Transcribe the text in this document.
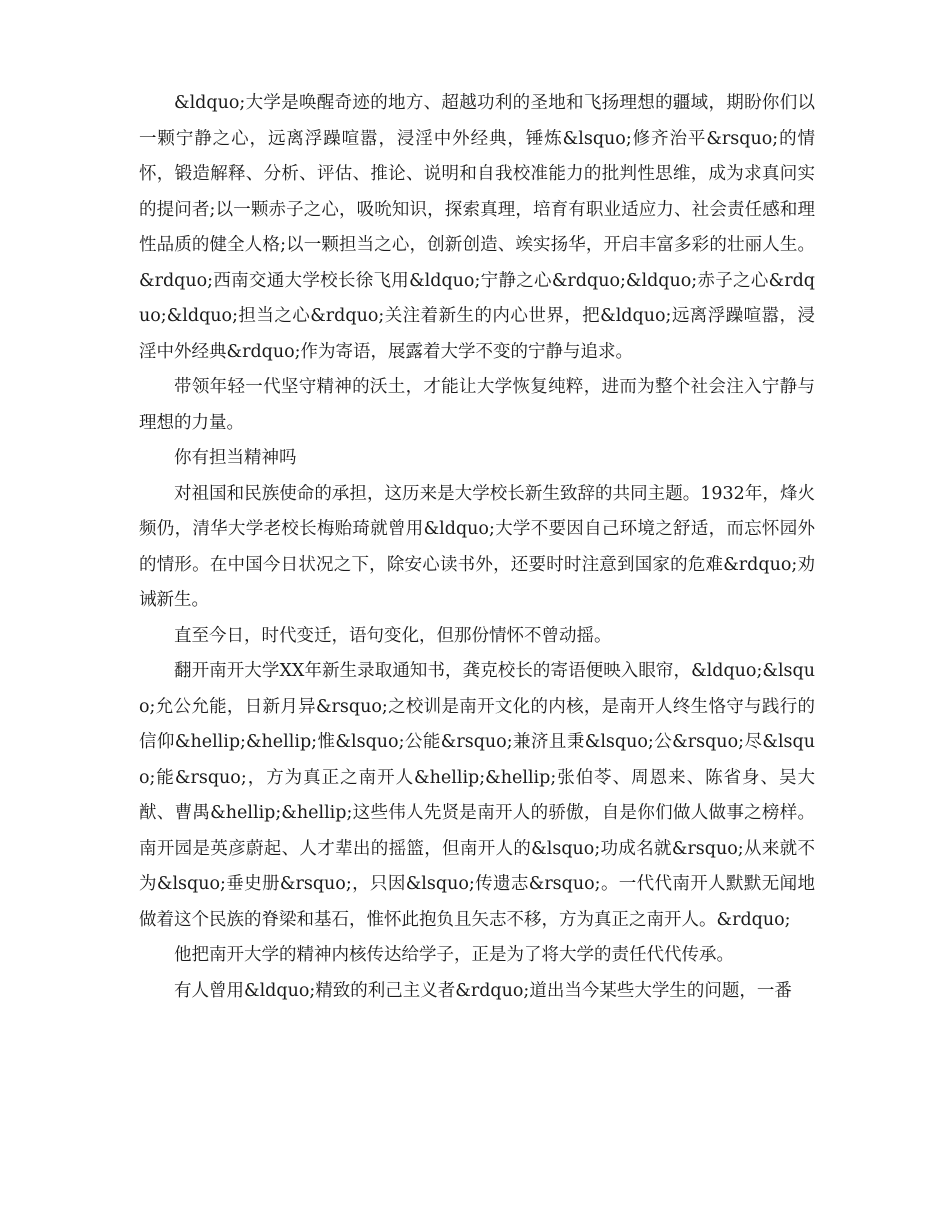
&ldquo;大学是唤醒奇迹的地方、超越功利的圣地和飞扬理想的疆域，期盼你们以一颗宁静之心，远离浮躁喧嚣，浸淫中外经典，锤炼&lsquo;修齐治平&rsquo;的情怀，锻造解释、分析、评估、推论、说明和自我校准能力的批判性思维，成为求真问实的提问者;以一颗赤子之心，吸吮知识，探索真理，培育有职业适应力、社会责任感和理性品质的健全人格;以一颗担当之心，创新创造、竢实扬华，开启丰富多彩的壮丽人生。&rdquo;西南交通大学校长徐飞用&ldquo;宁静之心&rdquo;&ldquo;赤子之心&rdquo;&ldquo;担当之心&rdquo;关注着新生的内心世界，把&ldquo;远离浮躁喧嚣，浸淫中外经典&rdquo;作为寄语，展露着大学不变的宁静与追求。

带领年轻一代坚守精神的沃土，才能让大学恢复纯粹，进而为整个社会注入宁静与理想的力量。

你有担当精神吗

对祖国和民族使命的承担，这历来是大学校长新生致辞的共同主题。1932年，烽火频仍，清华大学老校长梅贻琦就曾用&ldquo;大学不要因自己环境之舒适，而忘怀园外的情形。在中国今日状况之下，除安心读书外，还要时时注意到国家的危难&rdquo;劝诫新生。

直至今日，时代变迁，语句变化，但那份情怀不曾动摇。

翻开南开大学XX年新生录取通知书，龚克校长的寄语便映入眼帘，&ldquo;&lsquo;允公允能，日新月异&rsquo;之校训是南开文化的内核，是南开人终生恪守与践行的信仰&hellip;&hellip;惟&lsquo;公能&rsquo;兼济且秉&lsquo;公&rsquo;尽&lsquo;能&rsquo;，方为真正之南开人&hellip;&hellip;张伯苓、周恩来、陈省身、吴大猷、曹禺&hellip;&hellip;这些伟人先贤是南开人的骄傲，自是你们做人做事之榜样。南开园是英彦蔚起、人才辈出的摇篮，但南开人的&lsquo;功成名就&rsquo;从来就不为&lsquo;垂史册&rsquo;，只因&lsquo;传遗志&rsquo;。一代代南开人默默无闻地做着这个民族的脊梁和基石，惟怀此抱负且矢志不移，方为真正之南开人。&rdquo;

他把南开大学的精神内核传达给学子，正是为了将大学的责任代代传承。

有人曾用&ldquo;精致的利己主义者&rdquo;道出当今某些大学生的问题，一番
